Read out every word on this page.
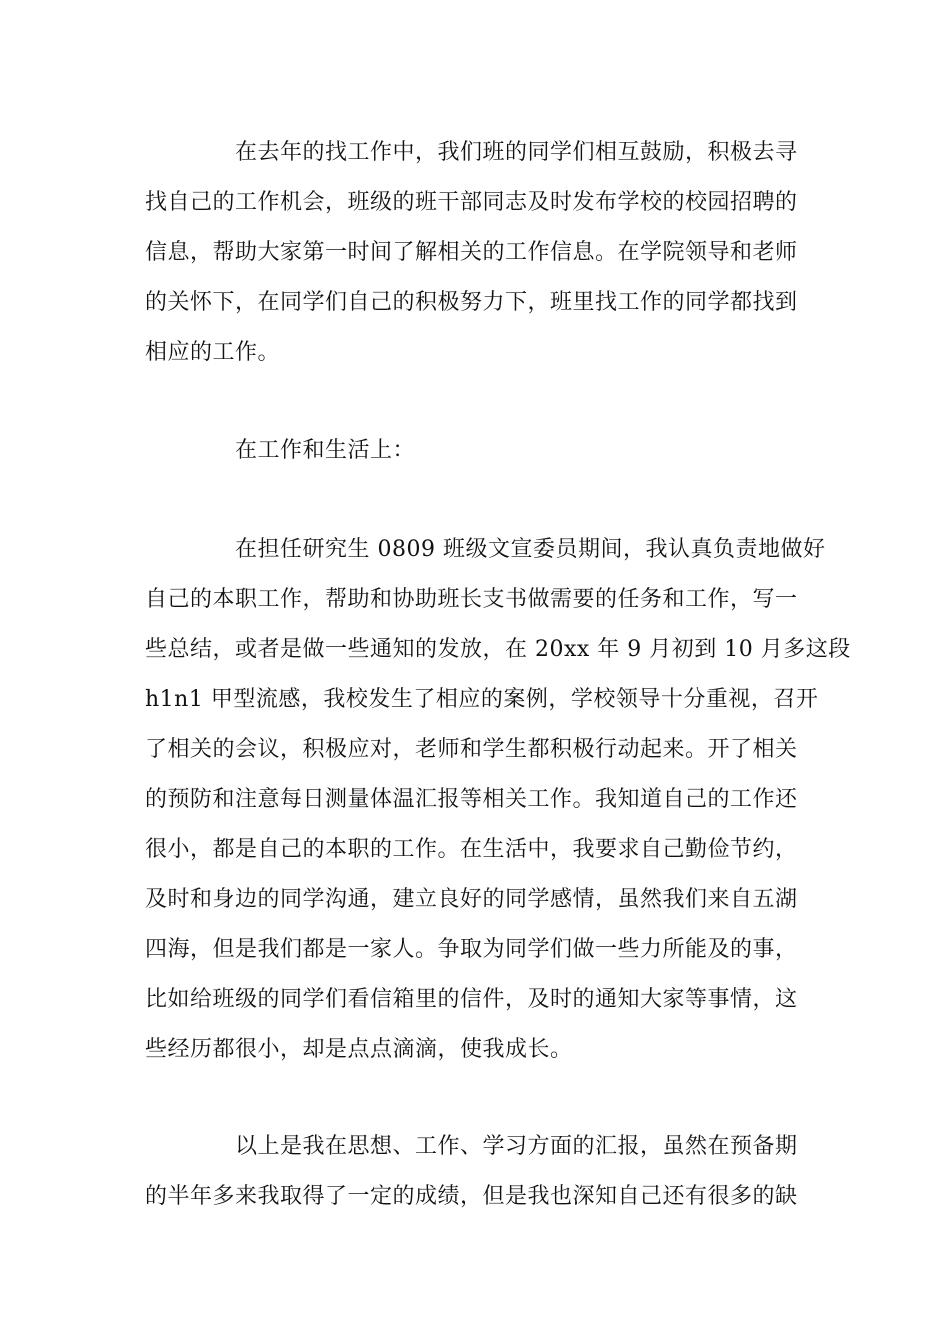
在去年的找工作中，我们班的同学们相互鼓励，积极去寻
找自己的工作机会，班级的班干部同志及时发布学校的校园招聘的
信息，帮助大家第一时间了解相关的工作信息。在学院领导和老师
的关怀下，在同学们自己的积极努力下，班里找工作的同学都找到
相应的工作。
在工作和生活上：
在担任研究生 0809 班级文宣委员期间，我认真负责地做好
自己的本职工作，帮助和协助班长支书做需要的任务和工作，写一
些总结，或者是做一些通知的发放，在 20xx 年 9 月初到 10 月多这段
h1n1 甲型流感，我校发生了相应的案例，学校领导十分重视，召开
了相关的会议，积极应对，老师和学生都积极行动起来。开了相关
的预防和注意每日测量体温汇报等相关工作。我知道自己的工作还
很小，都是自己的本职的工作。在生活中，我要求自己勤俭节约，
及时和身边的同学沟通，建立良好的同学感情，虽然我们来自五湖
四海，但是我们都是一家人。争取为同学们做一些力所能及的事，
比如给班级的同学们看信箱里的信件，及时的通知大家等事情，这
些经历都很小，却是点点滴滴，使我成长。
以上是我在思想、工作、学习方面的汇报，虽然在预备期
的半年多来我取得了一定的成绩，但是我也深知自己还有很多的缺
